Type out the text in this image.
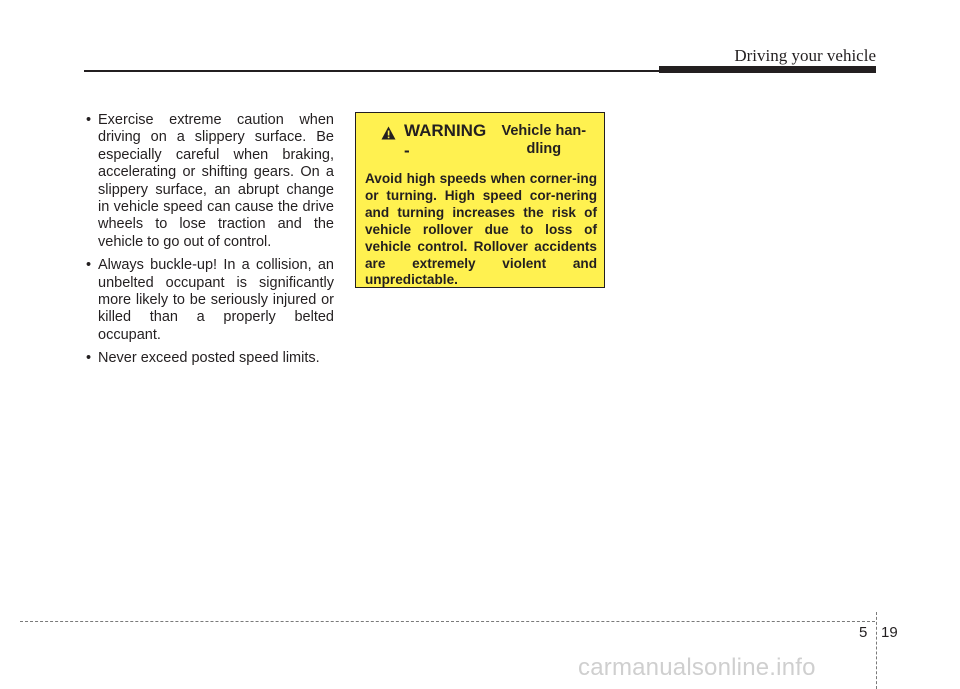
Driving your vehicle
• Exercise extreme caution when driving on a slippery surface. Be especially careful when braking, accelerating or shifting gears. On a slippery surface, an abrupt change in vehicle speed can cause the drive wheels to lose traction and the vehicle to go out of control.
• Always buckle-up! In a collision, an unbelted occupant is significantly more likely to be seriously injured or killed than a properly belted occupant.
• Never exceed posted speed limits.
WARNING -
Vehicle han-dling

Avoid high speeds when corner-ing or turning. High speed cor-nering and turning increases the risk of vehicle rollover due to loss of vehicle control. Rollover accidents are extremely violent and unpredictable.

5 19
carmanualsonline.info
